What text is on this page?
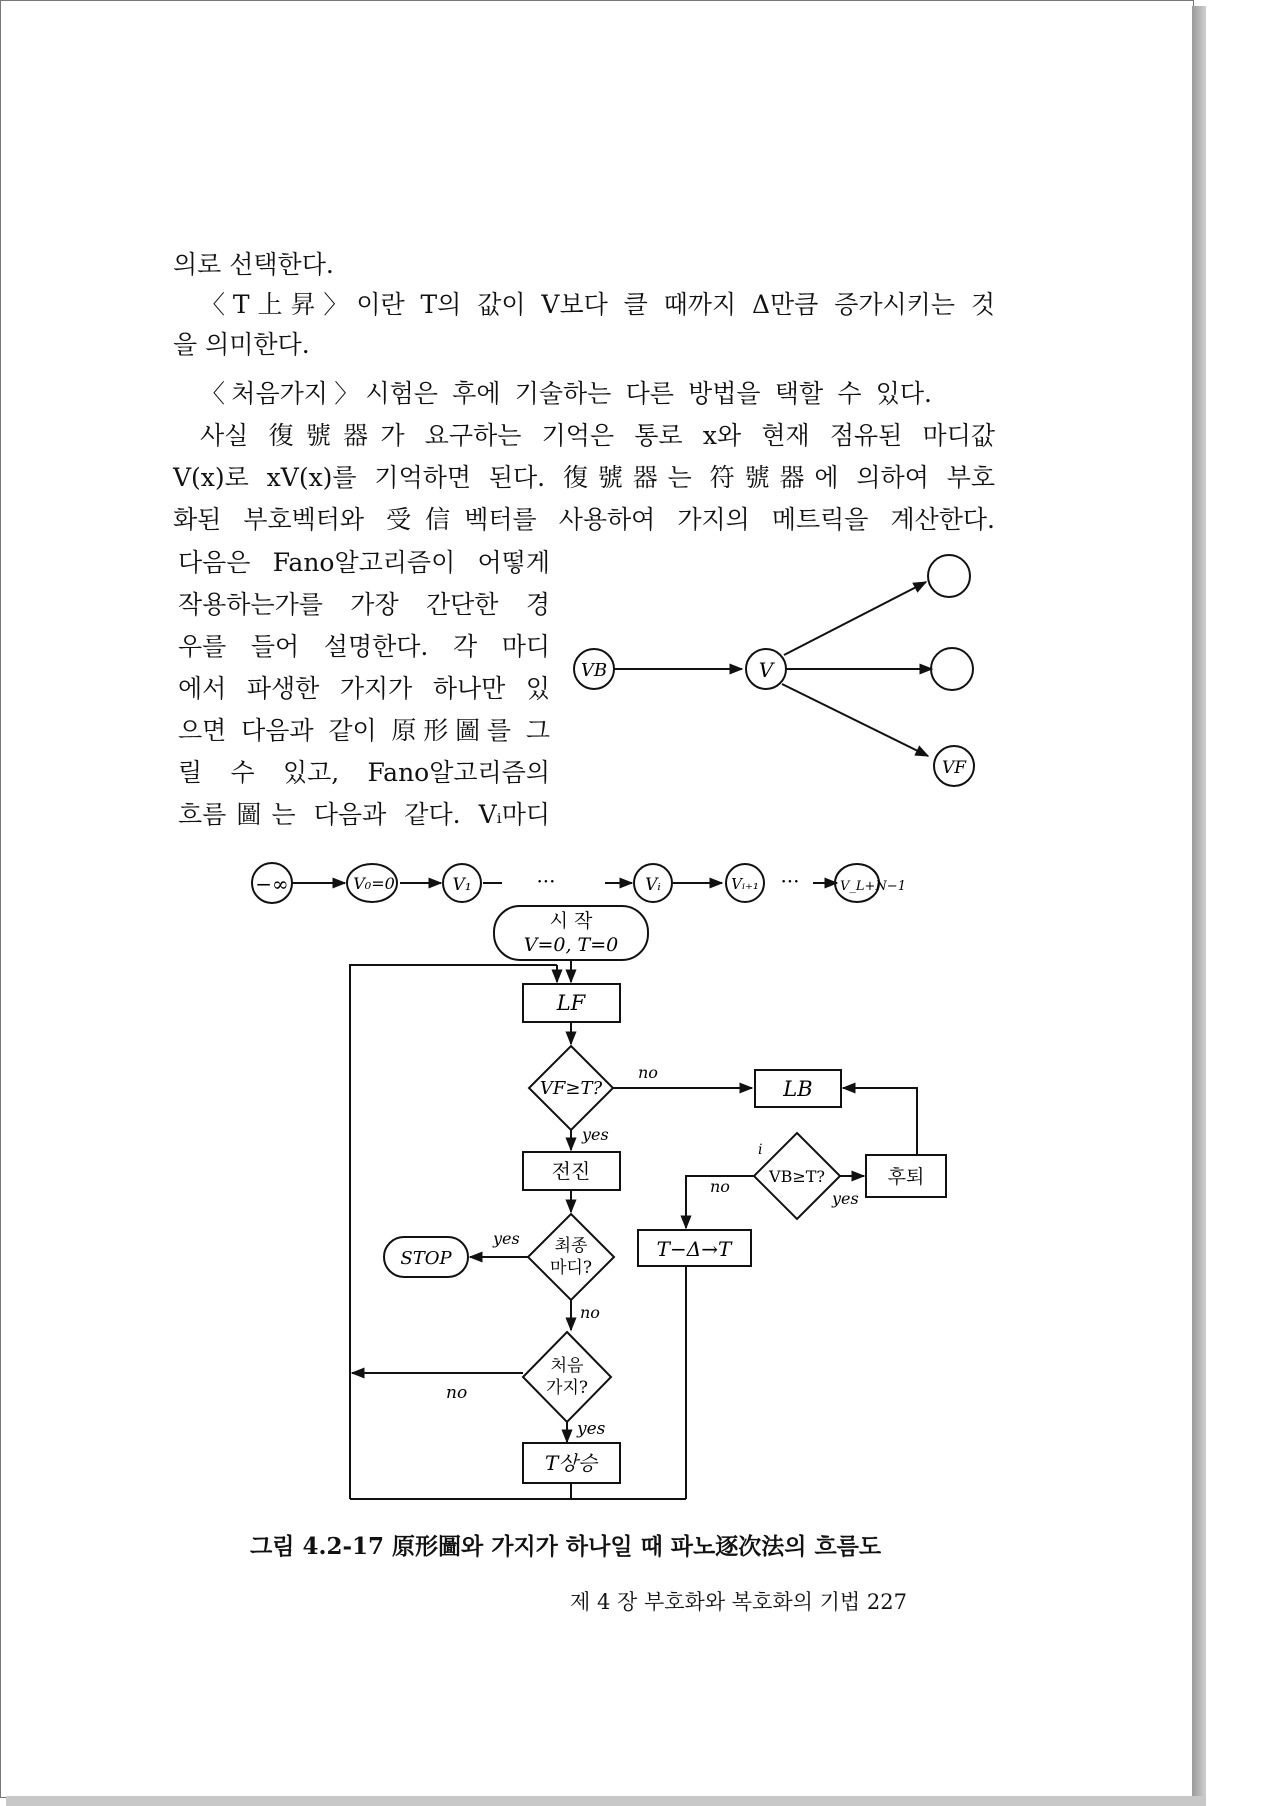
의로 선택한다.
〈T上昇〉이란 T의 값이 V보다 클 때까지 Δ만큼 증가시키는 것
을 의미한다.
〈처음가지〉시험은 후에 기술하는 다른 방법을 택할 수 있다.
사실 復號器가 요구하는 기억은 통로 x와 현재 점유된 마디값
V(x)로 xV(x)를 기억하면 된다. 復號器는 符號器에 의하여 부호
화된 부호벡터와 受信벡터를 사용하여 가지의 메트릭을 계산한다.
다음은 Fano알고리즘이 어떻게
작용하는가를 가장 간단한 경
우를 들어 설명한다. 각 마디
에서 파생한 가지가 하나만 있
으면 다음과 같이 原形圖를 그
릴 수 있고, Fano알고리즘의
흐름圖는 다음과 같다. Vᵢ마디
VB	V
VF
−∞	V₀=0	V₁	Vᵢ	Vᵢ₊₁	V_L+N−1
···	···
시 작
V=0, T=0
LF
VF≥T?	LB
전진
최종
마디?
STOP
처음
가지?
T상승
T−Δ→T
VB≥T?	후퇴
no
yes
yes
no
no
yes
no
yes
i
그림 4.2-17 原形圖와 가지가 하나일 때 파노逐次法의 흐름도
제 4 장 부호화와 복호화의 기법 227
